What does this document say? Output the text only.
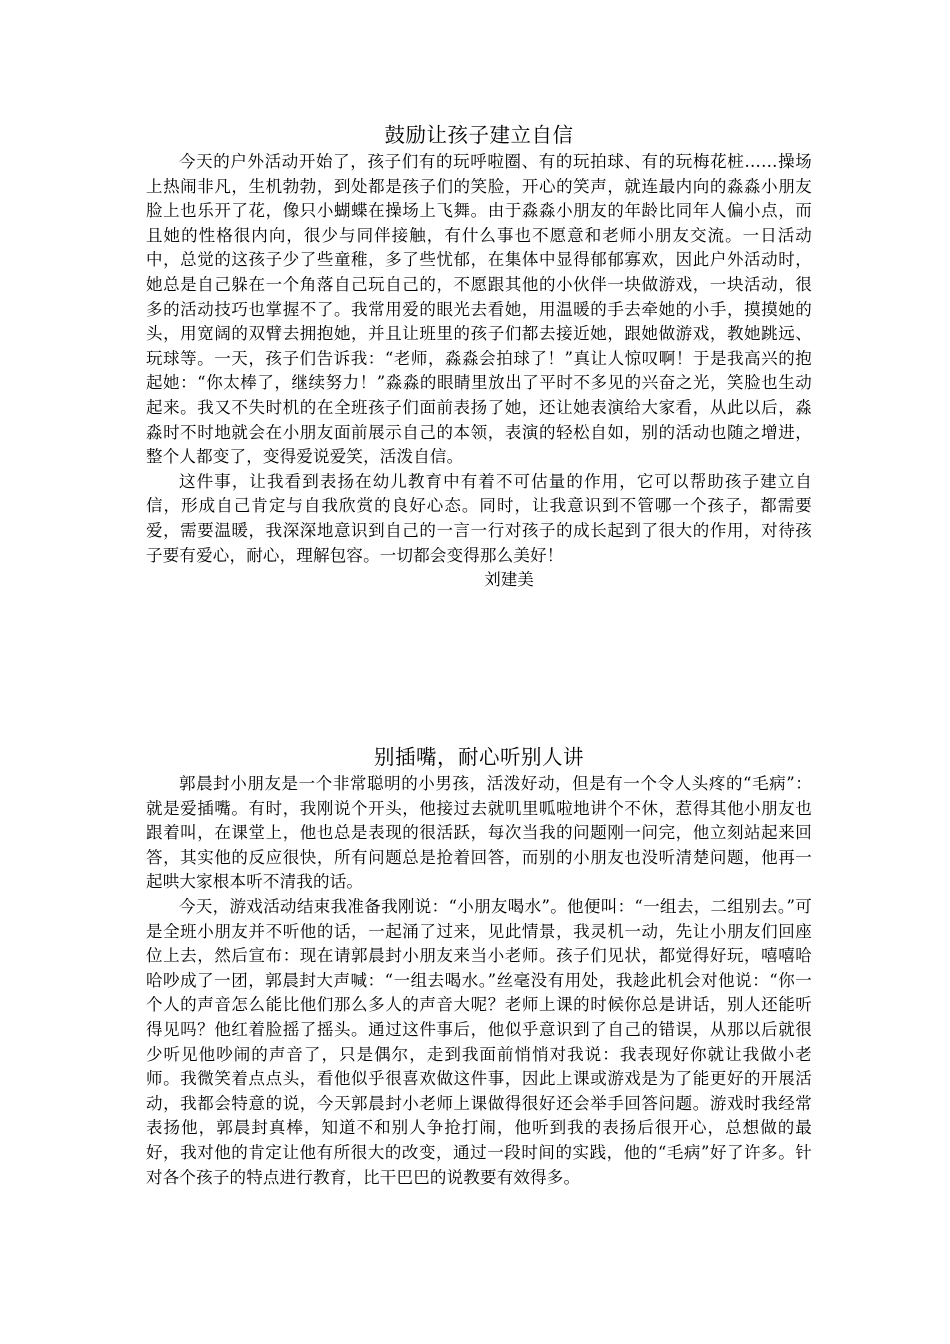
鼓励让孩子建立自信

今天的户外活动开始了，孩子们有的玩呼啦圈、有的玩拍球、有的玩梅花桩……操场上热闹非凡，生机勃勃，到处都是孩子们的笑脸，开心的笑声，就连最内向的淼淼小朋友脸上也乐开了花，像只小蝴蝶在操场上飞舞。由于淼淼小朋友的年龄比同年人偏小点，而且她的性格很内向，很少与同伴接触，有什么事也不愿意和老师小朋友交流。一日活动中，总觉的这孩子少了些童稚，多了些忧郁，在集体中显得郁郁寡欢，因此户外活动时，她总是自己躲在一个角落自己玩自己的，不愿跟其他的小伙伴一块做游戏，一块活动，很多的活动技巧也掌握不了。我常用爱的眼光去看她，用温暖的手去牵她的小手，摸摸她的头，用宽阔的双臂去拥抱她，并且让班里的孩子们都去接近她，跟她做游戏，教她跳远、玩球等。一天，孩子们告诉我：“老师，淼淼会拍球了！”真让人惊叹啊！于是我高兴的抱起她：“你太棒了，继续努力！”淼淼的眼睛里放出了平时不多见的兴奋之光，笑脸也生动起来。我又不失时机的在全班孩子们面前表扬了她，还让她表演给大家看，从此以后，淼淼时不时地就会在小朋友面前展示自己的本领，表演的轻松自如，别的活动也随之增进，整个人都变了，变得爱说爱笑，活泼自信。

这件事，让我看到表扬在幼儿教育中有着不可估量的作用，它可以帮助孩子建立自信，形成自己肯定与自我欣赏的良好心态。同时，让我意识到不管哪一个孩子，都需要爱，需要温暖，我深深地意识到自己的一言一行对孩子的成长起到了很大的作用，对待孩子要有爱心，耐心，理解包容。一切都会变得那么美好！

刘建美

别插嘴，耐心听别人讲

郭晨封小朋友是一个非常聪明的小男孩，活泼好动，但是有一个令人头疼的“毛病”：就是爱插嘴。有时，我刚说个开头，他接过去就叽里呱啦地讲个不休，惹得其他小朋友也跟着叫，在课堂上，他也总是表现的很活跃，每次当我的问题刚一问完，他立刻站起来回答，其实他的反应很快，所有问题总是抢着回答，而别的小朋友也没听清楚问题，他再一起哄大家根本听不清我的话。

今天，游戏活动结束我准备我刚说：“小朋友喝水”。他便叫：“一组去，二组别去。”可是全班小朋友并不听他的话，一起涌了过来，见此情景，我灵机一动，先让小朋友们回座位上去，然后宣布：现在请郭晨封小朋友来当小老师。孩子们见状，都觉得好玩，嘻嘻哈哈吵成了一团，郭晨封大声喊：“一组去喝水。”丝毫没有用处，我趁此机会对他说：“你一个人的声音怎么能比他们那么多人的声音大呢？老师上课的时候你总是讲话，别人还能听得见吗？他红着脸摇了摇头。通过这件事后，他似乎意识到了自己的错误，从那以后就很少听见他吵闹的声音了，只是偶尔，走到我面前悄悄对我说：我表现好你就让我做小老师。我微笑着点点头，看他似乎很喜欢做这件事，因此上课或游戏是为了能更好的开展活动，我都会特意的说，今天郭晨封小老师上课做得很好还会举手回答问题。游戏时我经常表扬他，郭晨封真棒，知道不和别人争抢打闹，他听到我的表扬后很开心，总想做的最好，我对他的肯定让他有所很大的改变，通过一段时间的实践，他的“毛病”好了许多。针对各个孩子的特点进行教育，比干巴巴的说教要有效得多。
